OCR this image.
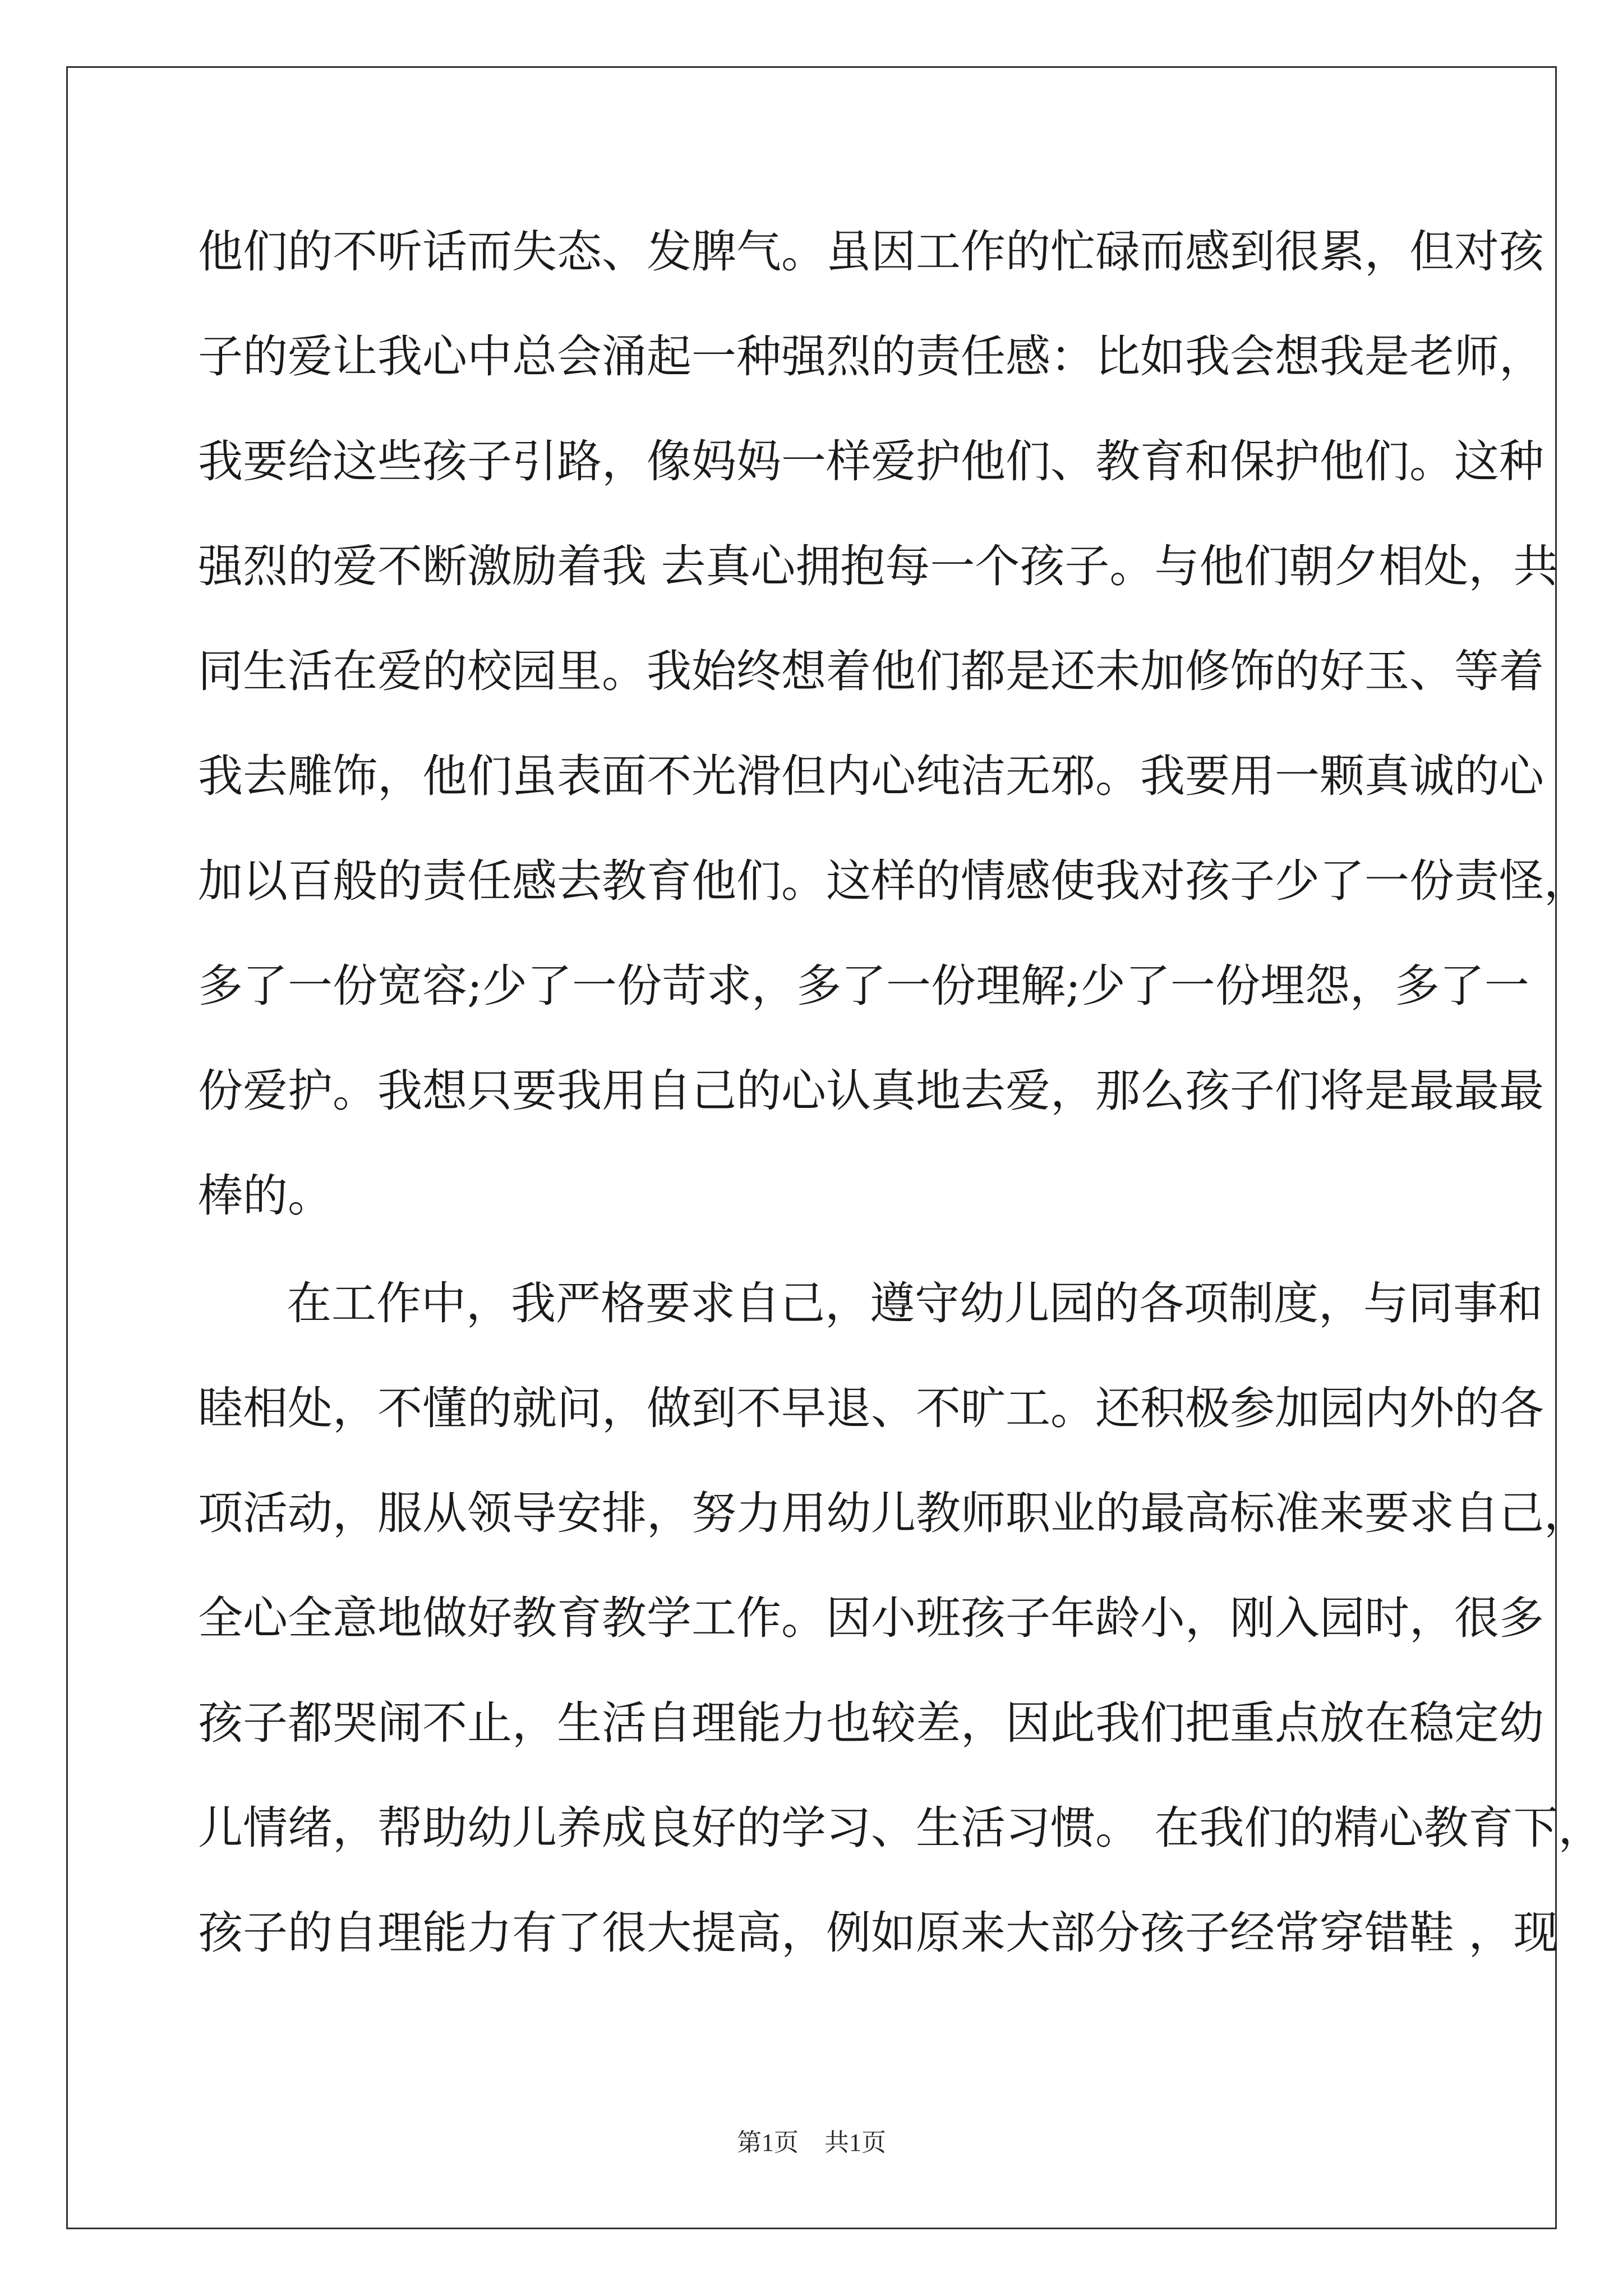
他们的不听话而失态、发脾气。虽因工作的忙碌而感到很累，但对孩
子的爱让我心中总会涌起一种强烈的责任感：比如我会想我是老师，
我要给这些孩子引路，像妈妈一样爱护他们、教育和保护他们。这种
强烈的爱不断激励着我 去真心拥抱每一个孩子。与他们朝夕相处，共
同生活在爱的校园里。我始终想着他们都是还未加修饰的好玉、等着
我去雕饰，他们虽表面不光滑但内心纯洁无邪。我要用一颗真诚的心
加以百般的责任感去教育他们。这样的情感使我对孩子少了一份责怪，
多了一份宽容;少了一份苛求，多了一份理解;少了一份埋怨，多了一
份爱护。我想只要我用自己的心认真地去爱，那么孩子们将是最最最
棒的。
在工作中，我严格要求自己，遵守幼儿园的各项制度，与同事和
睦相处，不懂的就问，做到不早退、不旷工。还积极参加园内外的各
项活动，服从领导安排，努力用幼儿教师职业的最高标准来要求自己，
全心全意地做好教育教学工作。因小班孩子年龄小，刚入园时，很多
孩子都哭闹不止，生活自理能力也较差，因此我们把重点放在稳定幼
儿情绪，帮助幼儿养成良好的学习、生活习惯。 在我们的精心教育下，
孩子的自理能力有了很大提高，例如原来大部分孩子经常穿错鞋 ，现
第1页 共1页
